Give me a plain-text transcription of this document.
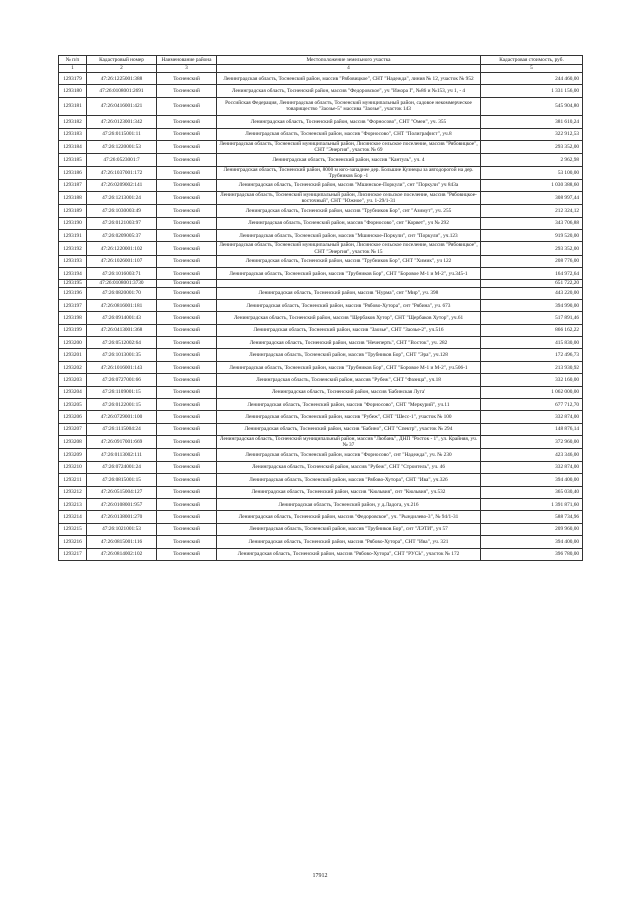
№ п/п	Кадастровый номер	Наименование района	Местоположение земельного участка	Кадастровая стоимость, руб.
1	2	3	4	5
1293179	47:26:1225001:388	Тосненский	Ленинградская область, Тосненский район, массив "Рябовицкое", СНТ "Надежда", линия № 12, участок № 952	244 460,00
1293180	47:26:0108001:2691	Тосненский	Ленинградская область, Тосненский район, массив "Федоровское", уч "Ижора I", №86 и №153, уч 1, - 4	1 331 156,00
1293181	47:26:0416001:421	Тосненский	Российская Федерация, Ленинградская область, Тосненский муниципальный район, садовое некоммерческое товарищество "Заозье-5" массива "Заозье", участок 143	545 904,80
1293182	47:26:0123001:342	Тосненский	Ленинградская область, Тосненский район, массив "Форносово", СНТ "Омеи", уч. 355	381 610,24
1293183	47:26:0115001:11	Тосненский	Ленинградская область, Тосненский район, массив "Форносово", СНТ "Полиграфист", уч.8	322 912,53
1293184	47:26:1220001:53	Тосненский	Ленинградская область, Тосненский муниципальный район, Лисинское сельское поселение, массив "Рябовицкое", СНТ "Энергия", участок № 69	293 352,00
1293185	47:26:0523001:7	Тосненский	Ленинградская область, Тосненский район, массив "Кантуль", уч. 4	2 962,98
1293186	47:26:1037001:172	Тосненский	Ленинградская область, Тосненский район, 8000 м юго-западнее дер. Большие Кузнецы за автодорогой на дер. Трубников Бор -1	53 100,00
1293187	47:26:0209002:141	Тосненский	Ленинградская область, Тосненский район, массив "Мшинское-Поркули", снт "Поркули" уч 843а	1 030 388,60
1293188	47:26:1213001:24	Тосненский	Ленинградская область, Тосненский муниципальный район, Лисинское сельское поселение, массив "Рябовицкое-восточный", СНТ "Южное", уч. 1-29/1-31	308 997,44
1293189	47:26:1030003:49	Тосненский	Ленинградская область, Тосненский район, массив "Трубников Бор", снт "Азимут", уч. 255	212 324,12
1293190	47:26:0121003:97	Тосненский	Ленинградская область, Тосненский район, массив "Форносово", снт "Корвет", уч № 292	343 706,88
1293191	47:26:0209005:37	Тосненский	Ленинградская область, Тосненский район, массив "Мшинское-Поркули", снт "Поркули", уч.123	919 520,00
1293192	47:26:1220001:102	Тосненский	Ленинградская область, Тосненский муниципальный район, Лисинское сельское поселение, массив "Рябовицкое", СНТ "Энергия", участок № 15	293 352,00
1293193	47:26:1026001:107	Тосненский	Ленинградская область, Тосненский район, массив "Трубников Бор", СНТ "Химик", уч 122	208 776,00
1293194	47:26:1016003:71	Тосненский	Ленинградская область, Тосненский район, массив "Трубников Бор", СНТ "Боровое М-1 и М-2", уч.345-1	164 972,64
1293195	47:26:0108001:3730	Тосненский		651 722,20
1293196	47:26:0820001:70	Тосненский	Ленинградская область, Тосненский район, массив "Нурма", снт "Мир", уч. 398	443 220,00
1293197	47:26:0816001:181	Тосненский	Ленинградская область, Тосненский район, массив "Рябово-Хутора", снт "Рябина", уч. 673	394 990,00
1293198	47:26:0914001:43	Тосненский	Ленинградская область, Тосненский район, массив "Щербаков Хутор", СНТ "Щербаков Хутор", уч.61	517 891,46
1293199	47:26:0413001:368	Тосненский	Ленинградская область, Тосненский район, массив "Заозье", СНТ "Заозье-2", уч.516	866 162,22
1293200	47:26:0512002:64	Тосненский	Ленинградская область, Тосненский район, массив "Нечеперть", СНТ "Восток", уч. 282	415 830,00
1293201	47:26:1013001:35	Тосненский	Ленинградская область, Тосненский район, массив "Трубников Бор", СНТ "Эра", уч.128	172 496,73
1293202	47:26:1016001:143	Тосненский	Ленинградская область, Тосненский район, массив "Трубников Бор", СНТ "Боровое М-1 и М-2", уч.506-1	213 930,92
1293203	47:26:0727001:66	Тосненский	Ленинградская область, Тосненский район, массив "Рубеж", СНТ "Фаэнца", уч.18	332 160,00
1293204	47:26:1109001:15	Тосненский	Ленинградская область, Тосненский район, массив 'Бабинская Луга'	1 062 000,00
1293205	47:26:0122001:15	Тосненский	Ленинградская область, Тосненский район, массив "Форносово", СНТ "Меркурий", уч.11	677 712,70
1293206	47:26:0729001:100	Тосненский	Ленинградская область, Тосненский район, массив "Рубеж", СНТ "Шесс-1", участок № 100	332 874,00
1293207	47:26:1115004:24	Тосненский	Ленинградская область, Тосненский район, массив "Бабино", СНТ "Спектр", участок № 294	148 876,14
1293208	47:26:0917001:669	Тосненский	Ленинградская область, Тосненский муниципальный район, массив "Любань", ДНП "Росток - 1", ул. Крайняя, уч. № 37	372 960,00
1293209	47:26:0113002:111	Тосненский	Ленинградская область, Тосненский район, массив "Форносово", снт "Надежда", уч. № 230	423 346,00
1293210	47:26:0724001:24	Тосненский	Ленинградская область, Тосненский район, массив "Рубеж", СНТ "Строитель", уч. 46	332 874,00
1293211	47:26:0815001:15	Тосненский	Ленинградская область, Тосненский район, массив "Рябово-Хутора", СНТ "Ива", уч.326	394 400,00
1293212	47:26:0515004:127	Тосненский	Ленинградская область, Тосненский район, массив "Кюльвия", снт "Кюльвия", уч.532	365 030,40
1293213	47:26:0108001:957	Тосненский	Ленинградская область, Тосненский район, у д.Ладога, уч.216	1 391 871,60
1293214	47:26:0138001:270	Тосненский	Ленинградская область, Тосненский район, массив "Федоровское", уч. "Рындилево-3", № 94/1-31	588 734,96
1293215	47:26:1021001:53	Тосненский	Ленинградская область, Тосненский район, массив "Трубников Бор", снт "ЛЭТИ", уч 57	209 960,00
1293216	47:26:0815001:116	Тосненский	Ленинградская область, Тосненский район, массив "Рябово-Хутора", СНТ "Ива", уч. 321	394 400,00
1293217	47:26:0814002:102	Тосненский	Ленинградская область, Тосненский район, массив "Рябово-Хутора", СНТ "РУСЬ", участок № 172	396 780,00
17912
